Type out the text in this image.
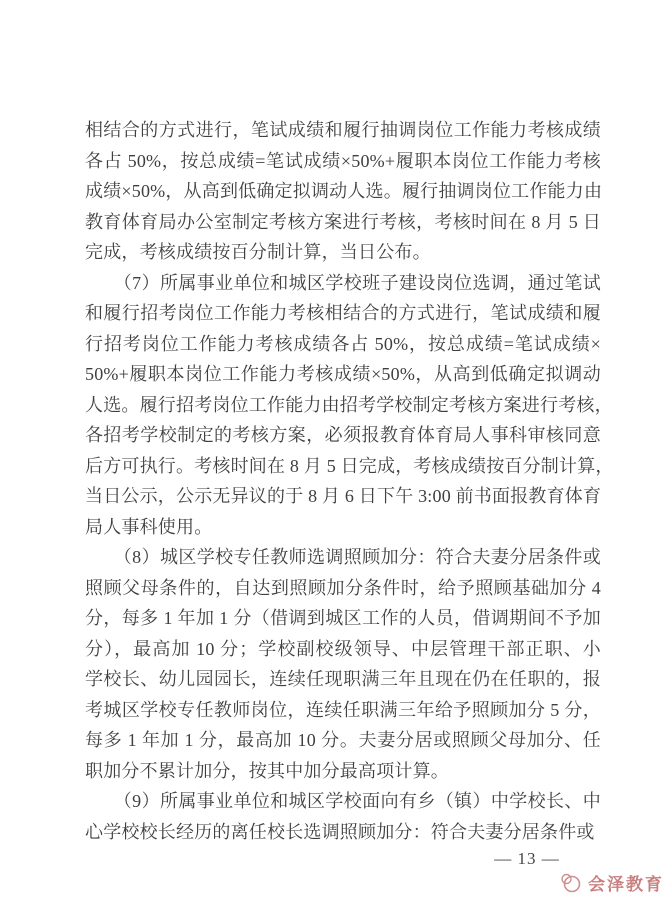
相结合的方式进行，笔试成绩和履行抽调岗位工作能力考核成绩
各占 50%，按总成绩=笔试成绩×50%+履职本岗位工作能力考核
成绩×50%，从高到低确定拟调动人选。履行抽调岗位工作能力由
教育体育局办公室制定考核方案进行考核，考核时间在 8 月 5 日
完成，考核成绩按百分制计算，当日公布。
（7）所属事业单位和城区学校班子建设岗位选调，通过笔试
和履行招考岗位工作能力考核相结合的方式进行，笔试成绩和履
行招考岗位工作能力考核成绩各占 50%，按总成绩=笔试成绩×
50%+履职本岗位工作能力考核成绩×50%，从高到低确定拟调动
人选。履行招考岗位工作能力由招考学校制定考核方案进行考核，
各招考学校制定的考核方案，必须报教育体育局人事科审核同意
后方可执行。考核时间在 8 月 5 日完成，考核成绩按百分制计算，
当日公示，公示无异议的于 8 月 6 日下午 3:00 前书面报教育体育
局人事科使用。
（8）城区学校专任教师选调照顾加分：符合夫妻分居条件或
照顾父母条件的，自达到照顾加分条件时，给予照顾基础加分 4
分，每多 1 年加 1 分（借调到城区工作的人员，借调期间不予加
分），最高加 10 分；学校副校级领导、中层管理干部正职、小
学校长、幼儿园园长，连续任现职满三年且现在仍在任职的，报
考城区学校专任教师岗位，连续任职满三年给予照顾加分 5 分，
每多 1 年加 1 分，最高加 10 分。夫妻分居或照顾父母加分、任
职加分不累计加分，按其中加分最高项计算。
（9）所属事业单位和城区学校面向有乡（镇）中学校长、中
心学校校长经历的离任校长选调照顾加分：符合夫妻分居条件或
— 13 —
会泽教育
